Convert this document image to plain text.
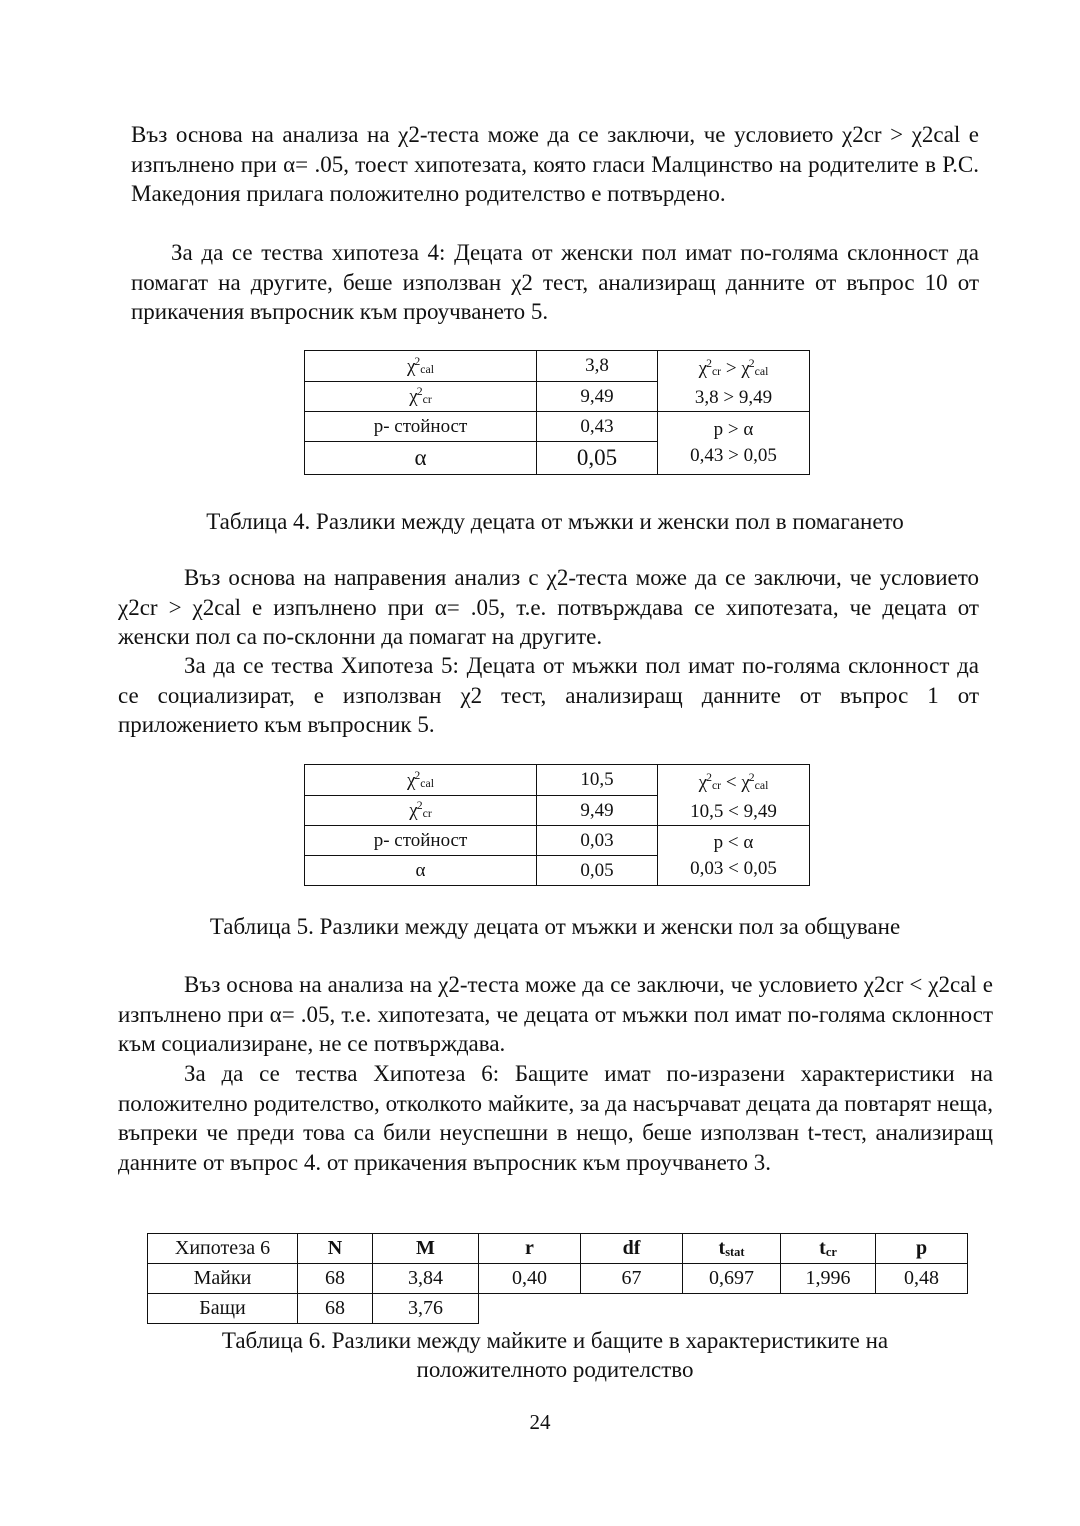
Въз основа на анализа на χ2-теста може да се заключи, че условието χ2cr > χ2cal е изпълнено при α= .05, тоест хипотезата, която гласи Малцинство на родителите в Р.С. Македония прилага положително родителство е потвърдено.

За да се тества хипотеза 4: Децата от женски пол имат по-голяма склонност да помагат на другите, беше използван χ2 тест, анализиращ данните от въпрос 10 от прикачения въпросник към проучването 5.

$\chi^2cal$	3,8	$\chi^2cr > \chi^2cal$
3,8 > 9,49

$\chi^2cr$	9,49	
p- стойност	0,43	p > α
0,43 > 0,05

α	0,05	

Таблица 4. Разлики между децата от мъжки и женски пол в помагането

Въз основа на направения анализ с χ2-теста може да се заключи, че условието χ2cr > χ2cal е изпълнено при α= .05, т.е. потвърждава се хипотезата, че децата от женски пол са по-склонни да помагат на другите.

За да се тества Хипотеза 5: Децата от мъжки пол имат по-голяма склонност да се социализират, е използван χ2 тест, анализиращ данните от въпрос 1 от приложението към въпросник 5.

$\chi^2cal$	10,5	$\chi^2cr < \chi^2cal$
10,5 < 9,49

$\chi^2cr$	9,49	
p- стойност	0,03	p < α
0,03 < 0,05

α	0,05	

Таблица 5. Разлики между децата от мъжки и женски пол за общуване

Въз основа на анализа на χ2-теста може да се заключи, че условието χ2cr < χ2cal е изпълнено при α= .05, т.е. хипотезата, че децата от мъжки пол имат по-голяма склонност към социализиране, не се потвърждава.

За да се тества Хипотеза 6: Бащите имат по-изразени характеристики на положително родителство, отколкото майките, за да насърчават децата да повтарят неща, въпреки че преди това са били неуспешни в нещо, беше използван t-тест, анализиращ данните от въпрос 4. от прикачения въпросник към проучването 3.

Хипотеза 6	N	M	r	df	$t_{stat}$	$t_{cr}$	p
Майки	68	3,84	0,40	67	0,697	1,996	0,48
Бащи	68	3,76					

Таблица 6. Разлики между майките и бащите в характеристиките на
положителното родителство

24
